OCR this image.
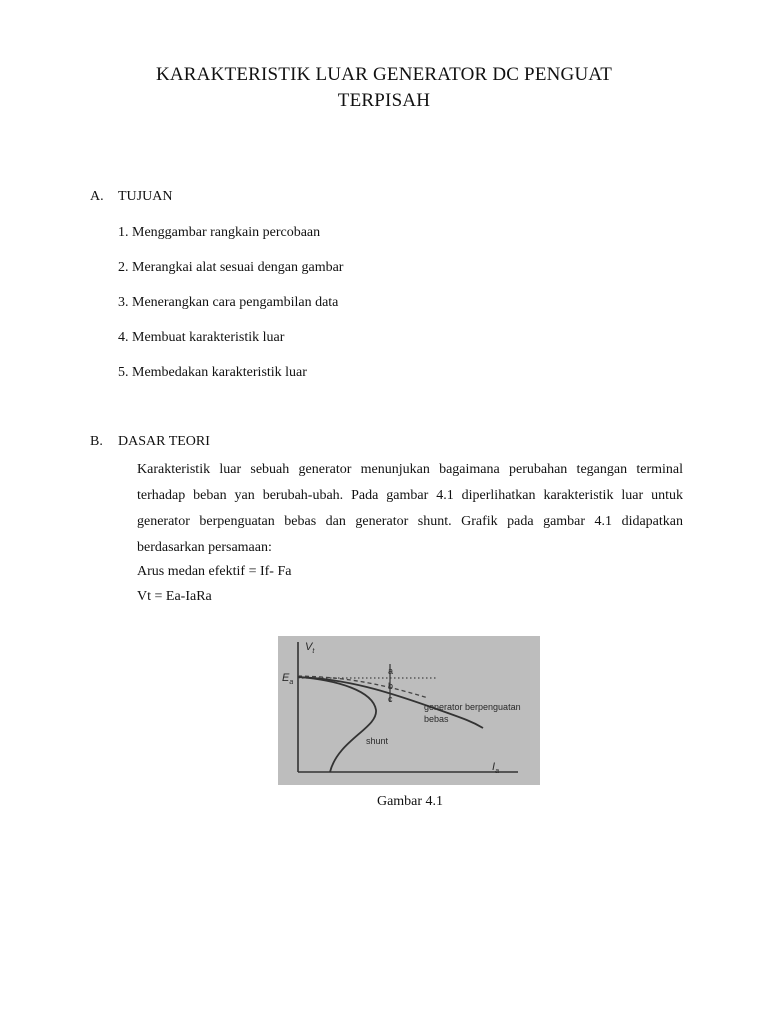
KARAKTERISTIK LUAR GENERATOR DC PENGUAT
TERPISAH
A. TUJUAN
1. Menggambar rangkain percobaan
2. Merangkai alat sesuai dengan gambar
3. Menerangkan cara pengambilan data
4. Membuat karakteristik luar
5. Membedakan karakteristik luar
B. DASAR TEORI
Karakteristik luar sebuah generator menunjukan bagaimana perubahan tegangan terminal terhadap beban yan berubah-ubah. Pada gambar 4.1 diperlihatkan karakteristik luar untuk generator berpenguatan bebas dan generator shunt. Grafik pada gambar 4.1 didapatkan berdasarkan persamaan:
Arus medan efektif = If- Fa
Vt = Ea-IaRa
$V_t$
$I_a$
$E_a$
a
b
c
generator berpenguatan
bebas
shunt
Gambar 4.1
